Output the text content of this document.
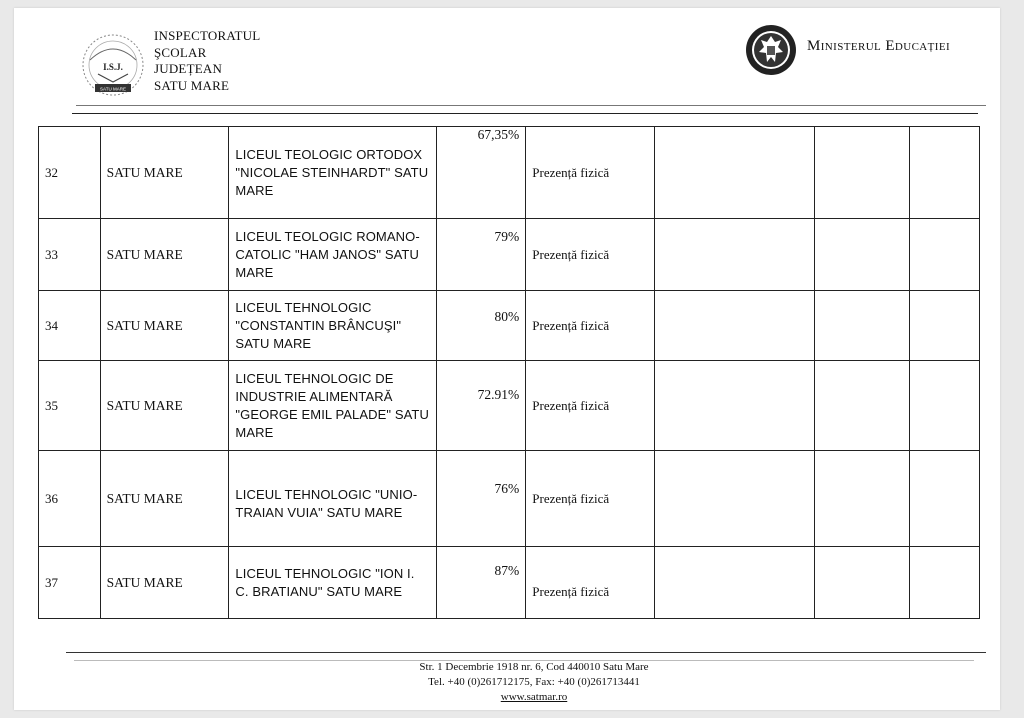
I.S.J.
SATU MARE
INSPECTORATUL
ŞCOLAR
JUDEȚEAN
SATU MARE
Ministerul Educației
32	SATU MARE	LICEUL TEOLOGIC ORTODOX "NICOLAE STEINHARDT" SATU MARE	67,35%	Prezență fizică			
33	SATU MARE	LICEUL TEOLOGIC ROMANO-CATOLIC "HAM JANOS" SATU MARE	79%	Prezență fizică			
34	SATU MARE	LICEUL TEHNOLOGIC "CONSTANTIN BRÂNCUŞI" SATU MARE	80%	Prezență fizică			
35	SATU MARE	LICEUL TEHNOLOGIC DE INDUSTRIE ALIMENTARĂ "GEORGE EMIL PALADE" SATU MARE	72.91%	Prezență fizică			
36	SATU MARE	LICEUL TEHNOLOGIC "UNIO-TRAIAN VUIA" SATU MARE	76%	Prezență fizică			
37	SATU MARE	LICEUL TEHNOLOGIC "ION I. C. BRATIANU" SATU MARE	87%	Prezență fizică			
Str. 1 Decembrie 1918 nr. 6, Cod 440010 Satu Mare
Tel. +40 (0)261712175, Fax: +40 (0)261713441
www.satmar.ro
